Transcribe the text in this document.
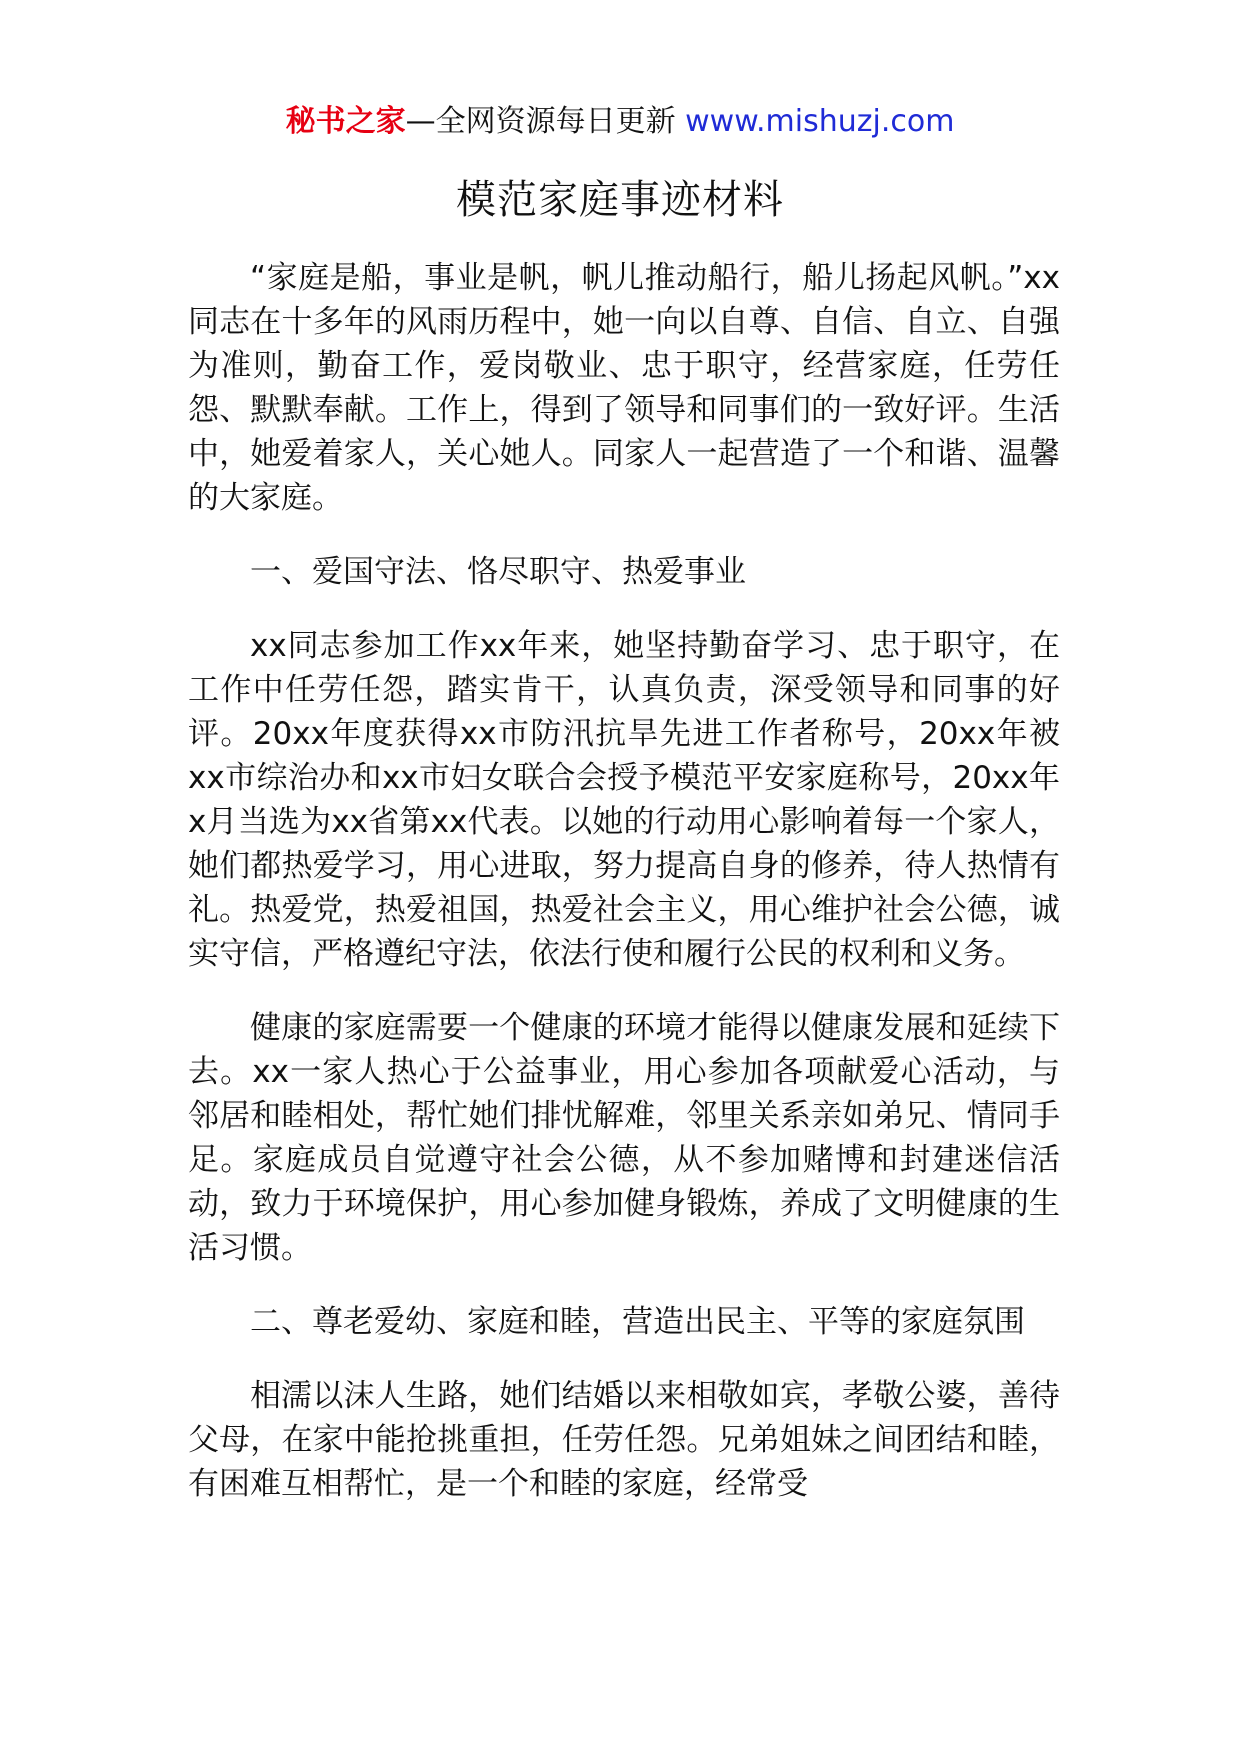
秘书之家—全网资源每日更新 www.mishuzj.com
模范家庭事迹材料

“家庭是船，事业是帆，帆儿推动船行，船儿扬起风帆。”xx同志在十多年的风雨历程中，她一向以自尊、自信、自立、自强为准则，勤奋工作，爱岗敬业、忠于职守，经营家庭，任劳任怨、默默奉献。工作上，得到了领导和同事们的一致好评。生活中，她爱着家人，关心她人。同家人一起营造了一个和谐、温馨的大家庭。

一、爱国守法、恪尽职守、热爱事业

xx同志参加工作xx年来，她坚持勤奋学习、忠于职守，在工作中任劳任怨，踏实肯干，认真负责，深受领导和同事的好评。20xx年度获得xx市防汛抗旱先进工作者称号，20xx年被xx市综治办和xx市妇女联合会授予模范平安家庭称号，20xx年x月当选为xx省第xx代表。以她的行动用心影响着每一个家人，她们都热爱学习，用心进取，努力提高自身的修养，待人热情有礼。热爱党，热爱祖国，热爱社会主义，用心维护社会公德，诚实守信，严格遵纪守法，依法行使和履行公民的权利和义务。

健康的家庭需要一个健康的环境才能得以健康发展和延续下去。xx一家人热心于公益事业，用心参加各项献爱心活动，与邻居和睦相处，帮忙她们排忧解难，邻里关系亲如弟兄、情同手足。家庭成员自觉遵守社会公德，从不参加赌博和封建迷信活动，致力于环境保护，用心参加健身锻炼，养成了文明健康的生活习惯。

二、尊老爱幼、家庭和睦，营造出民主、平等的家庭氛围

相濡以沫人生路，她们结婚以来相敬如宾，孝敬公婆，善待父母，在家中能抢挑重担，任劳任怨。兄弟姐妹之间团结和睦，有困难互相帮忙，是一个和睦的家庭，经常受
